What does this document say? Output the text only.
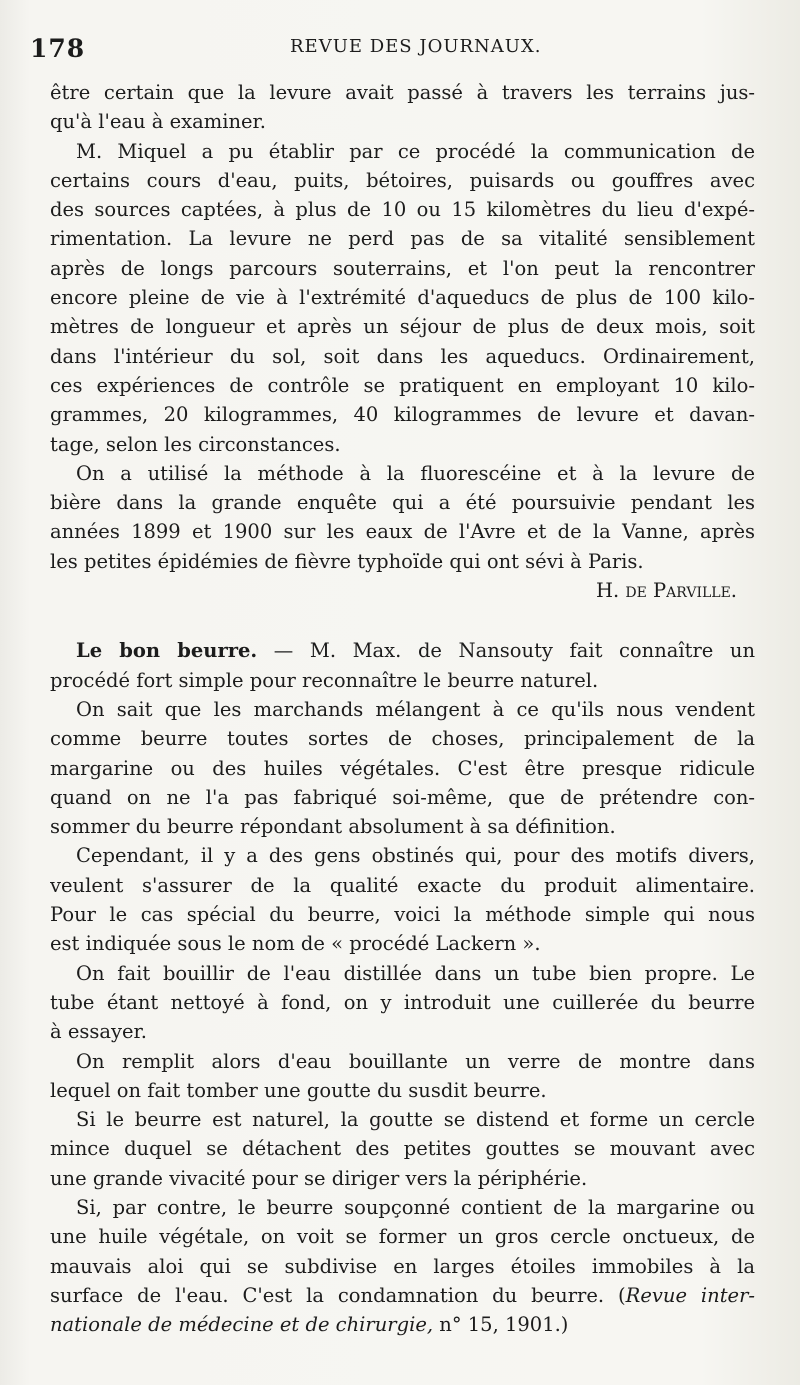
178	REVUE DES JOURNAUX.
être certain que la levure avait passé à travers les terrains jus-
qu'à l'eau à examiner.
M. Miquel a pu établir par ce procédé la communication de
certains cours d'eau, puits, bétoires, puisards ou gouffres avec
des sources captées, à plus de 10 ou 15 kilomètres du lieu d'expé-
rimentation. La levure ne perd pas de sa vitalité sensiblement
après de longs parcours souterrains, et l'on peut la rencontrer
encore pleine de vie à l'extrémité d'aqueducs de plus de 100 kilo-
mètres de longueur et après un séjour de plus de deux mois, soit
dans l'intérieur du sol, soit dans les aqueducs. Ordinairement,
ces expériences de contrôle se pratiquent en employant 10 kilo-
grammes, 20 kilogrammes, 40 kilogrammes de levure et davan-
tage, selon les circonstances.
On a utilisé la méthode à la fluorescéine et à la levure de
bière dans la grande enquête qui a été poursuivie pendant les
années 1899 et 1900 sur les eaux de l'Avre et de la Vanne, après
les petites épidémies de fièvre typhoïde qui ont sévi à Paris.
H. de Parville.
Le bon beurre. — M. Max. de Nansouty fait connaître un
procédé fort simple pour reconnaître le beurre naturel.
On sait que les marchands mélangent à ce qu'ils nous vendent
comme beurre toutes sortes de choses, principalement de la
margarine ou des huiles végétales. C'est être presque ridicule
quand on ne l'a pas fabriqué soi-même, que de prétendre con-
sommer du beurre répondant absolument à sa définition.
Cependant, il y a des gens obstinés qui, pour des motifs divers,
veulent s'assurer de la qualité exacte du produit alimentaire.
Pour le cas spécial du beurre, voici la méthode simple qui nous
est indiquée sous le nom de « procédé Lackern ».
On fait bouillir de l'eau distillée dans un tube bien propre. Le
tube étant nettoyé à fond, on y introduit une cuillerée du beurre
à essayer.
On remplit alors d'eau bouillante un verre de montre dans
lequel on fait tomber une goutte du susdit beurre.
Si le beurre est naturel, la goutte se distend et forme un cercle
mince duquel se détachent des petites gouttes se mouvant avec
une grande vivacité pour se diriger vers la périphérie.
Si, par contre, le beurre soupçonné contient de la margarine ou
une huile végétale, on voit se former un gros cercle onctueux, de
mauvais aloi qui se subdivise en larges étoiles immobiles à la
surface de l'eau. C'est la condamnation du beurre. (Revue inter-
nationale de médecine et de chirurgie, n° 15, 1901.)
